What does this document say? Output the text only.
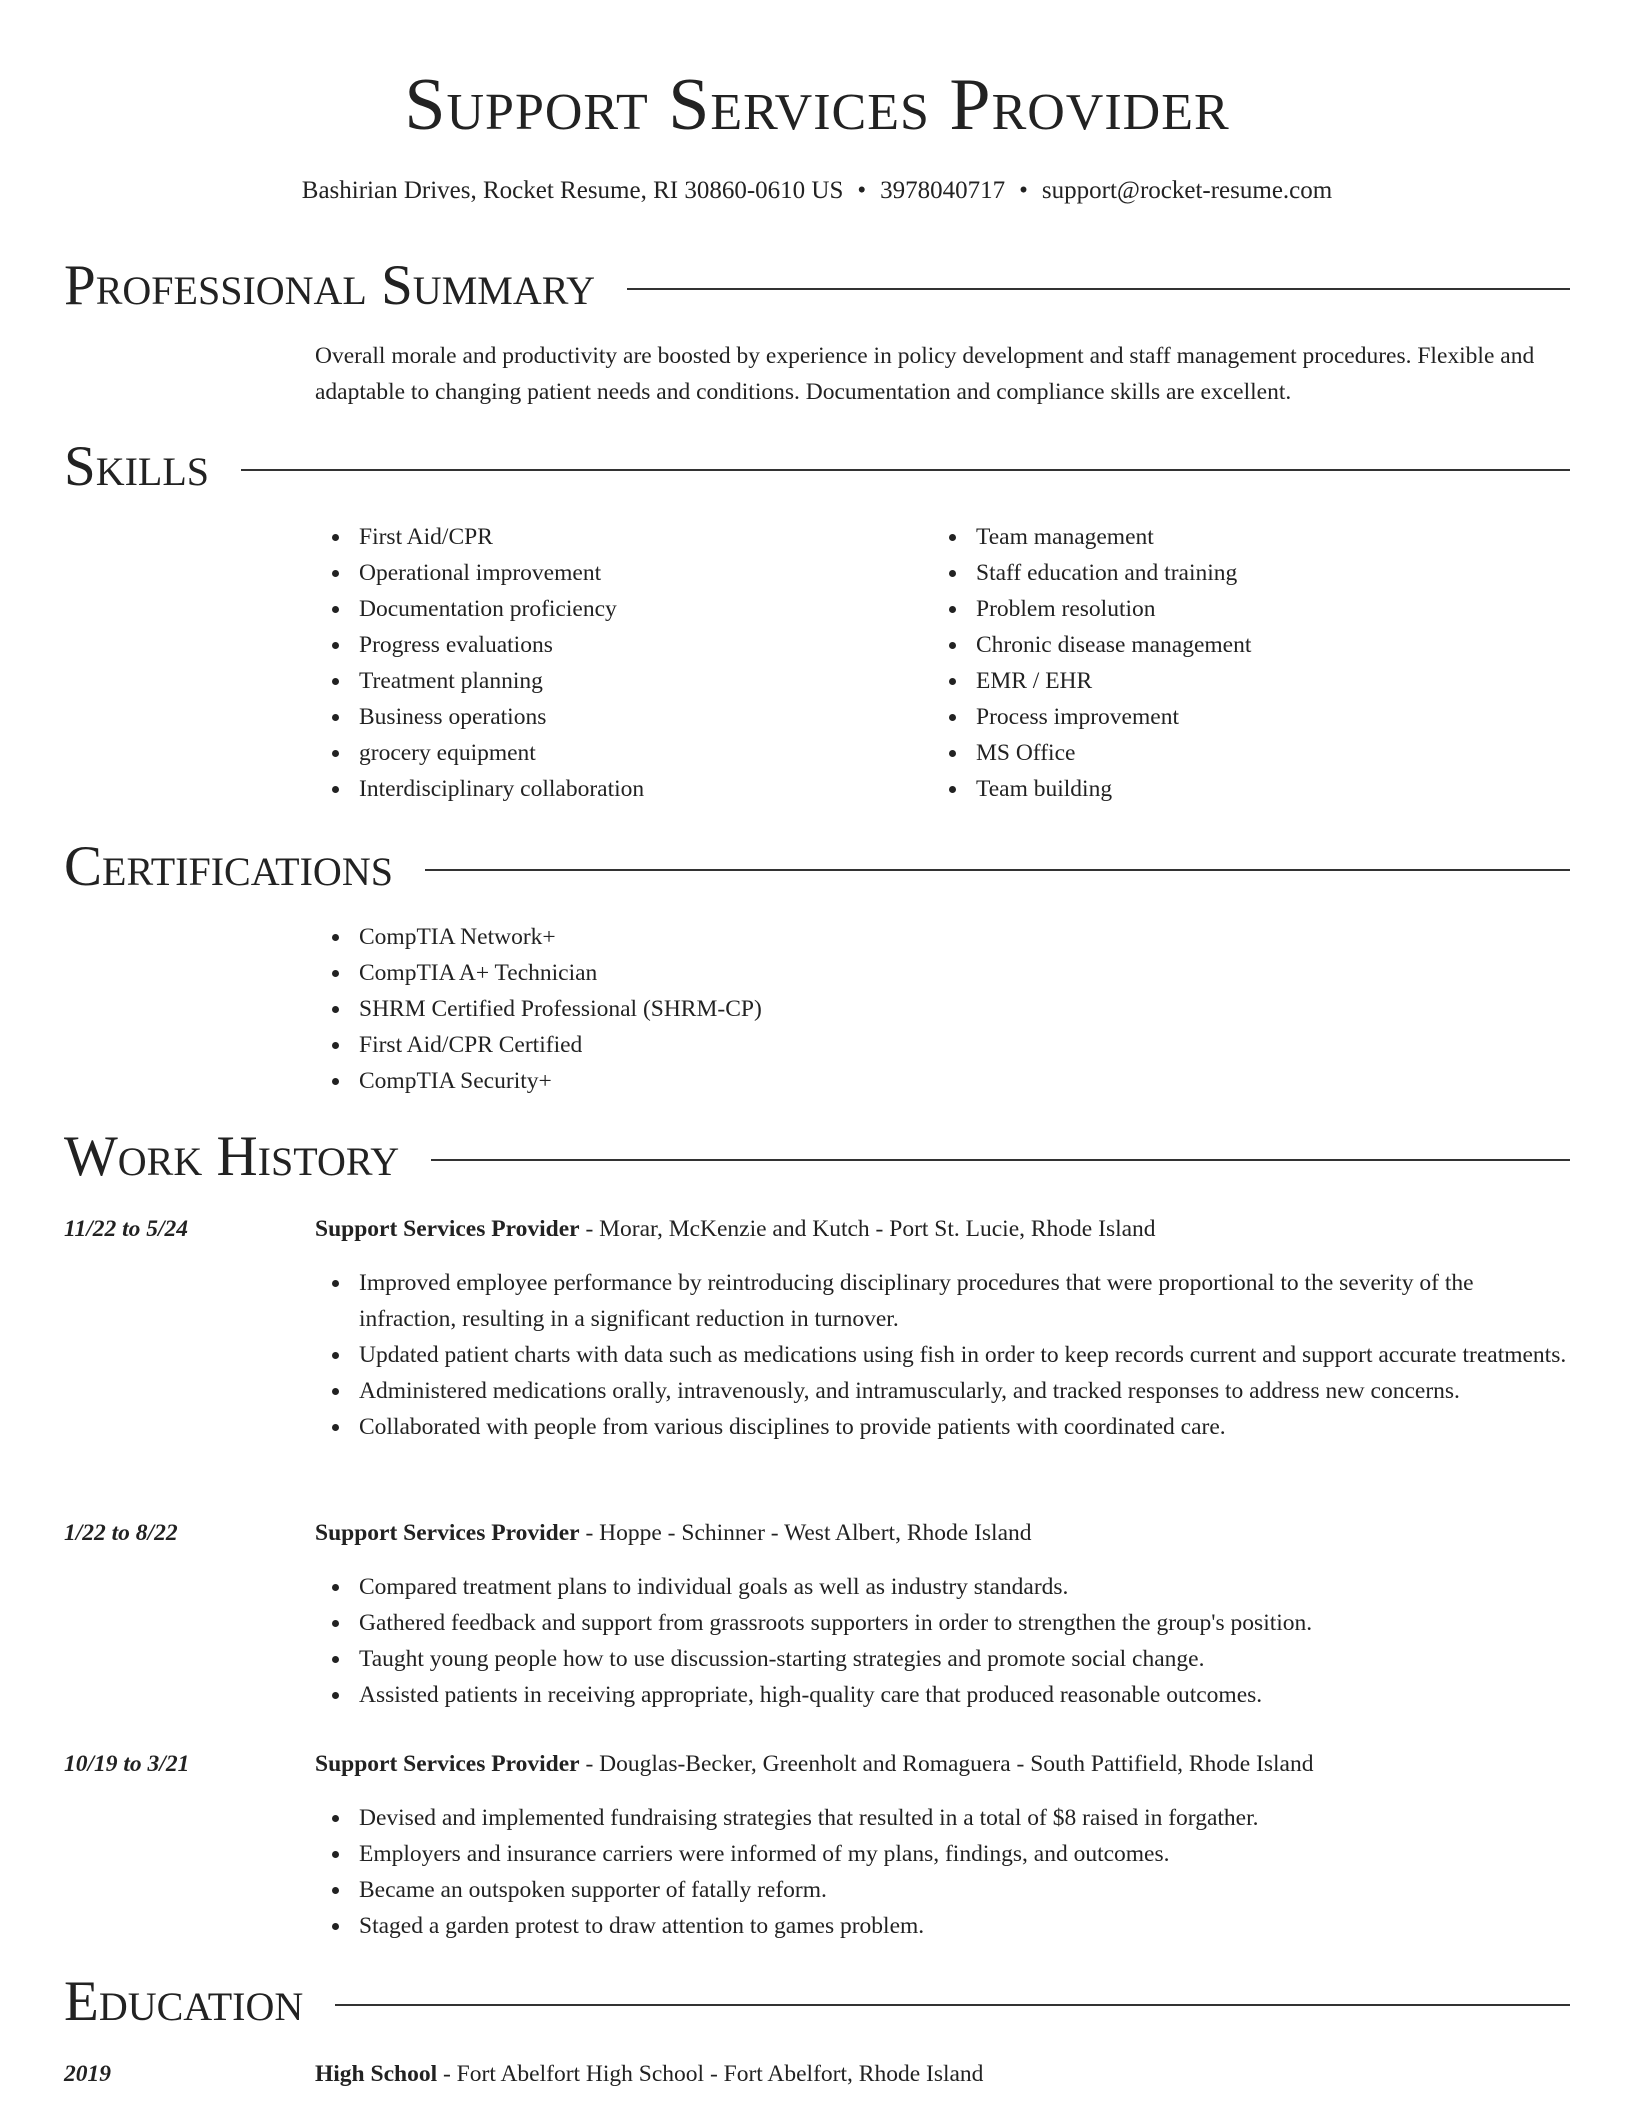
Support Services Provider
Bashirian Drives, Rocket Resume, RI 30860-0610 US • 3978040717 • support@rocket-resume.com
Professional Summary

Overall morale and productivity are boosted by experience in policy development and staff management procedures. Flexible and adaptable to changing patient needs and conditions. Documentation and compliance skills are excellent.

Skills
First Aid/CPR
Operational improvement
Documentation proficiency
Progress evaluations
Treatment planning
Business operations
grocery equipment
Interdisciplinary collaboration
Team management
Staff education and training
Problem resolution
Chronic disease management
EMR / EHR
Process improvement
MS Office
Team building
Certifications
CompTIA Network+
CompTIA A+ Technician
SHRM Certified Professional (SHRM-CP)
First Aid/CPR Certified
CompTIA Security+
Work History
11/22 to 5/24	Support Services Provider - Morar, McKenzie and Kutch - Port St. Lucie, Rhode Island
Improved employee performance by reintroducing disciplinary procedures that were proportional to the severity of the infraction, resulting in a significant reduction in turnover.
Updated patient charts with data such as medications using fish in order to keep records current and support accurate treatments.
Administered medications orally, intravenously, and intramuscularly, and tracked responses to address new concerns.
Collaborated with people from various disciplines to provide patients with coordinated care.
1/22 to 8/22	Support Services Provider - Hoppe - Schinner - West Albert, Rhode Island
Compared treatment plans to individual goals as well as industry standards.
Gathered feedback and support from grassroots supporters in order to strengthen the group's position.
Taught young people how to use discussion-starting strategies and promote social change.
Assisted patients in receiving appropriate, high-quality care that produced reasonable outcomes.
10/19 to 3/21	Support Services Provider - Douglas-Becker, Greenholt and Romaguera - South Pattifield, Rhode Island
Devised and implemented fundraising strategies that resulted in a total of $8 raised in forgather.
Employers and insurance carriers were informed of my plans, findings, and outcomes.
Became an outspoken supporter of fatally reform.
Staged a garden protest to draw attention to games problem.
Education
2019	High School - Fort Abelfort High School - Fort Abelfort, Rhode Island
